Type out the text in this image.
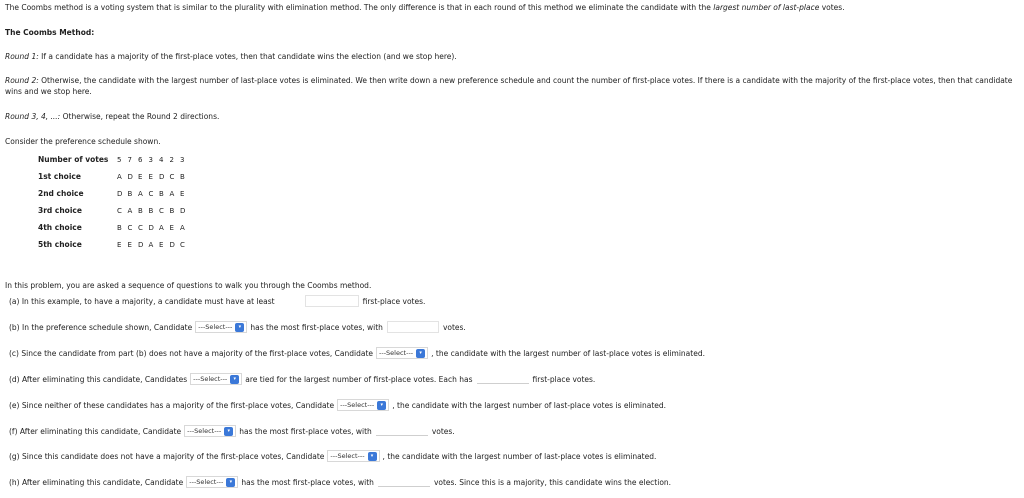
The Coombs method is a voting system that is similar to the plurality with elimination method. The only difference is that in each round of this method we eliminate the candidate with the largest number of last-place votes.
The Coombs Method:
Round 1: If a candidate has a majority of the first-place votes, then that candidate wins the election (and we stop here).
Round 2: Otherwise, the candidate with the largest number of last-place votes is eliminated. We then write down a new preference schedule and count the number of first-place votes. If there is a candidate with the majority of the first-place votes, then that candidate wins and we stop here.
Round 3, 4, ...: Otherwise, repeat the Round 2 directions.
Consider the preference schedule shown.
Number of votes	5	7	6	3	4	2	3
1st choice	A	D	E	E	D	C	B
2nd choice	D	B	A	C	B	A	E
3rd choice	C	A	B	B	C	B	D
4th choice	B	C	C	D	A	E	A
5th choice	E	E	D	A	E	D	C
In this problem, you are asked a sequence of questions to walk you through the Coombs method.
(a) In this example, to have a majority, a candidate must have at least	first-place votes.
(b) In the preference schedule shown, Candidate ---Select---	▾	has the most first-place votes, with	votes.
(c) Since the candidate from part (b) does not have a majority of the first-place votes, Candidate ---Select---	▾	, the candidate with the largest number of last-place votes is eliminated.
(d) After eliminating this candidate, Candidates ---Select---	▾	are tied for the largest number of first-place votes. Each has	first-place votes.
(e) Since neither of these candidates has a majority of the first-place votes, Candidate ---Select---	▾	, the candidate with the largest number of last-place votes is eliminated.
(f) After eliminating this candidate, Candidate ---Select---	▾	has the most first-place votes, with	votes.
(g) Since this candidate does not have a majority of the first-place votes, Candidate ---Select---	▾	, the candidate with the largest number of last-place votes is eliminated.
(h) After eliminating this candidate, Candidate ---Select---	▾	has the most first-place votes, with	votes. Since this is a majority, this candidate wins the election.
